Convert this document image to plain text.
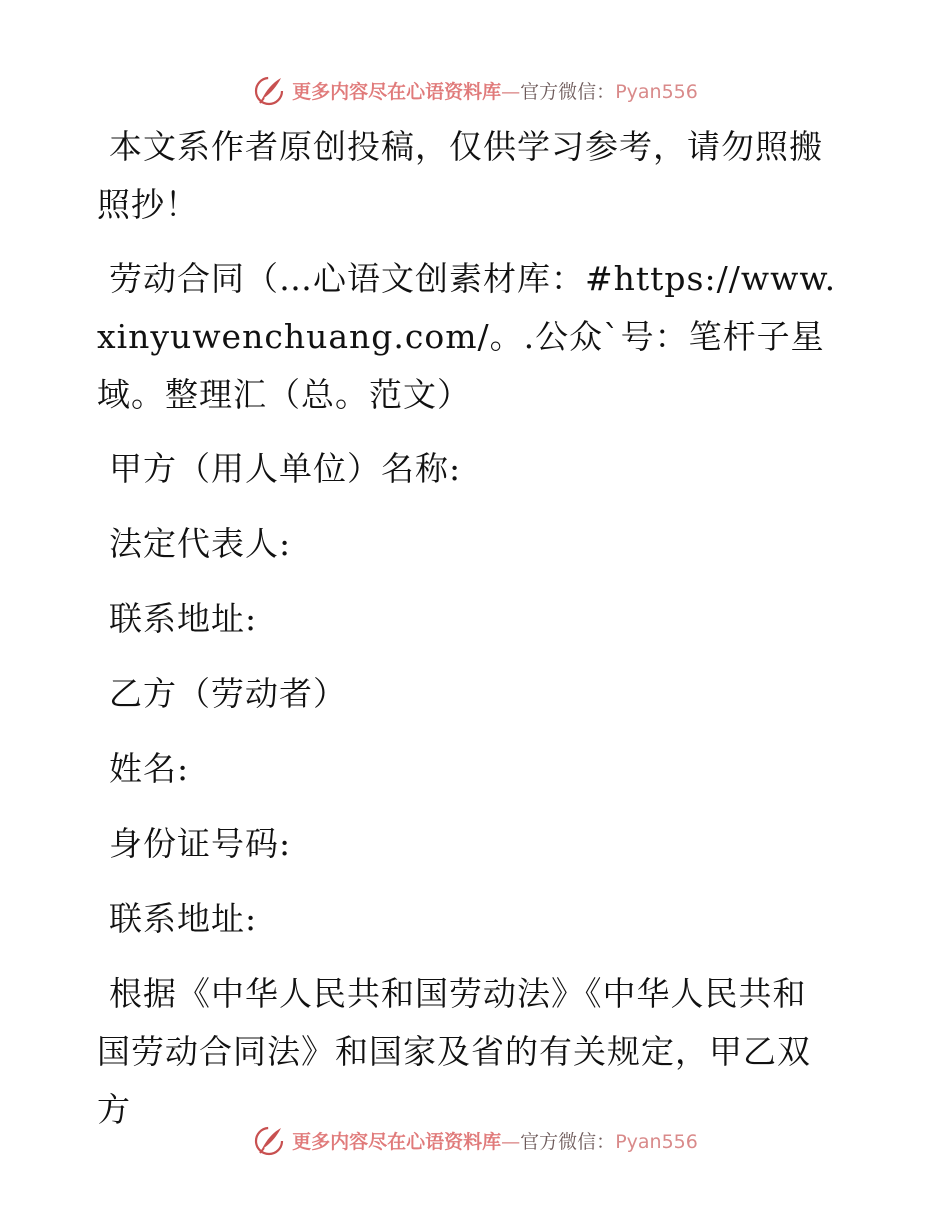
更多内容尽在心语资料库—官方微信：Pyan556

本文系作者原创投稿，仅供学习参考，请勿照搬照抄！

劳动合同（…心语文创素材库：#https://www.xinyuwenchuang.com/。.公众`号：笔杆子星域。整理汇（总。范文）

甲方（用人单位）名称:

法定代表人:

联系地址:

乙方（劳动者）

姓名:

身份证号码:

联系地址:

根据《中华人民共和国劳动法》《中华人民共和国劳动合同法》和国家及省的有关规定，甲乙双方

更多内容尽在心语资料库—官方微信：Pyan556
